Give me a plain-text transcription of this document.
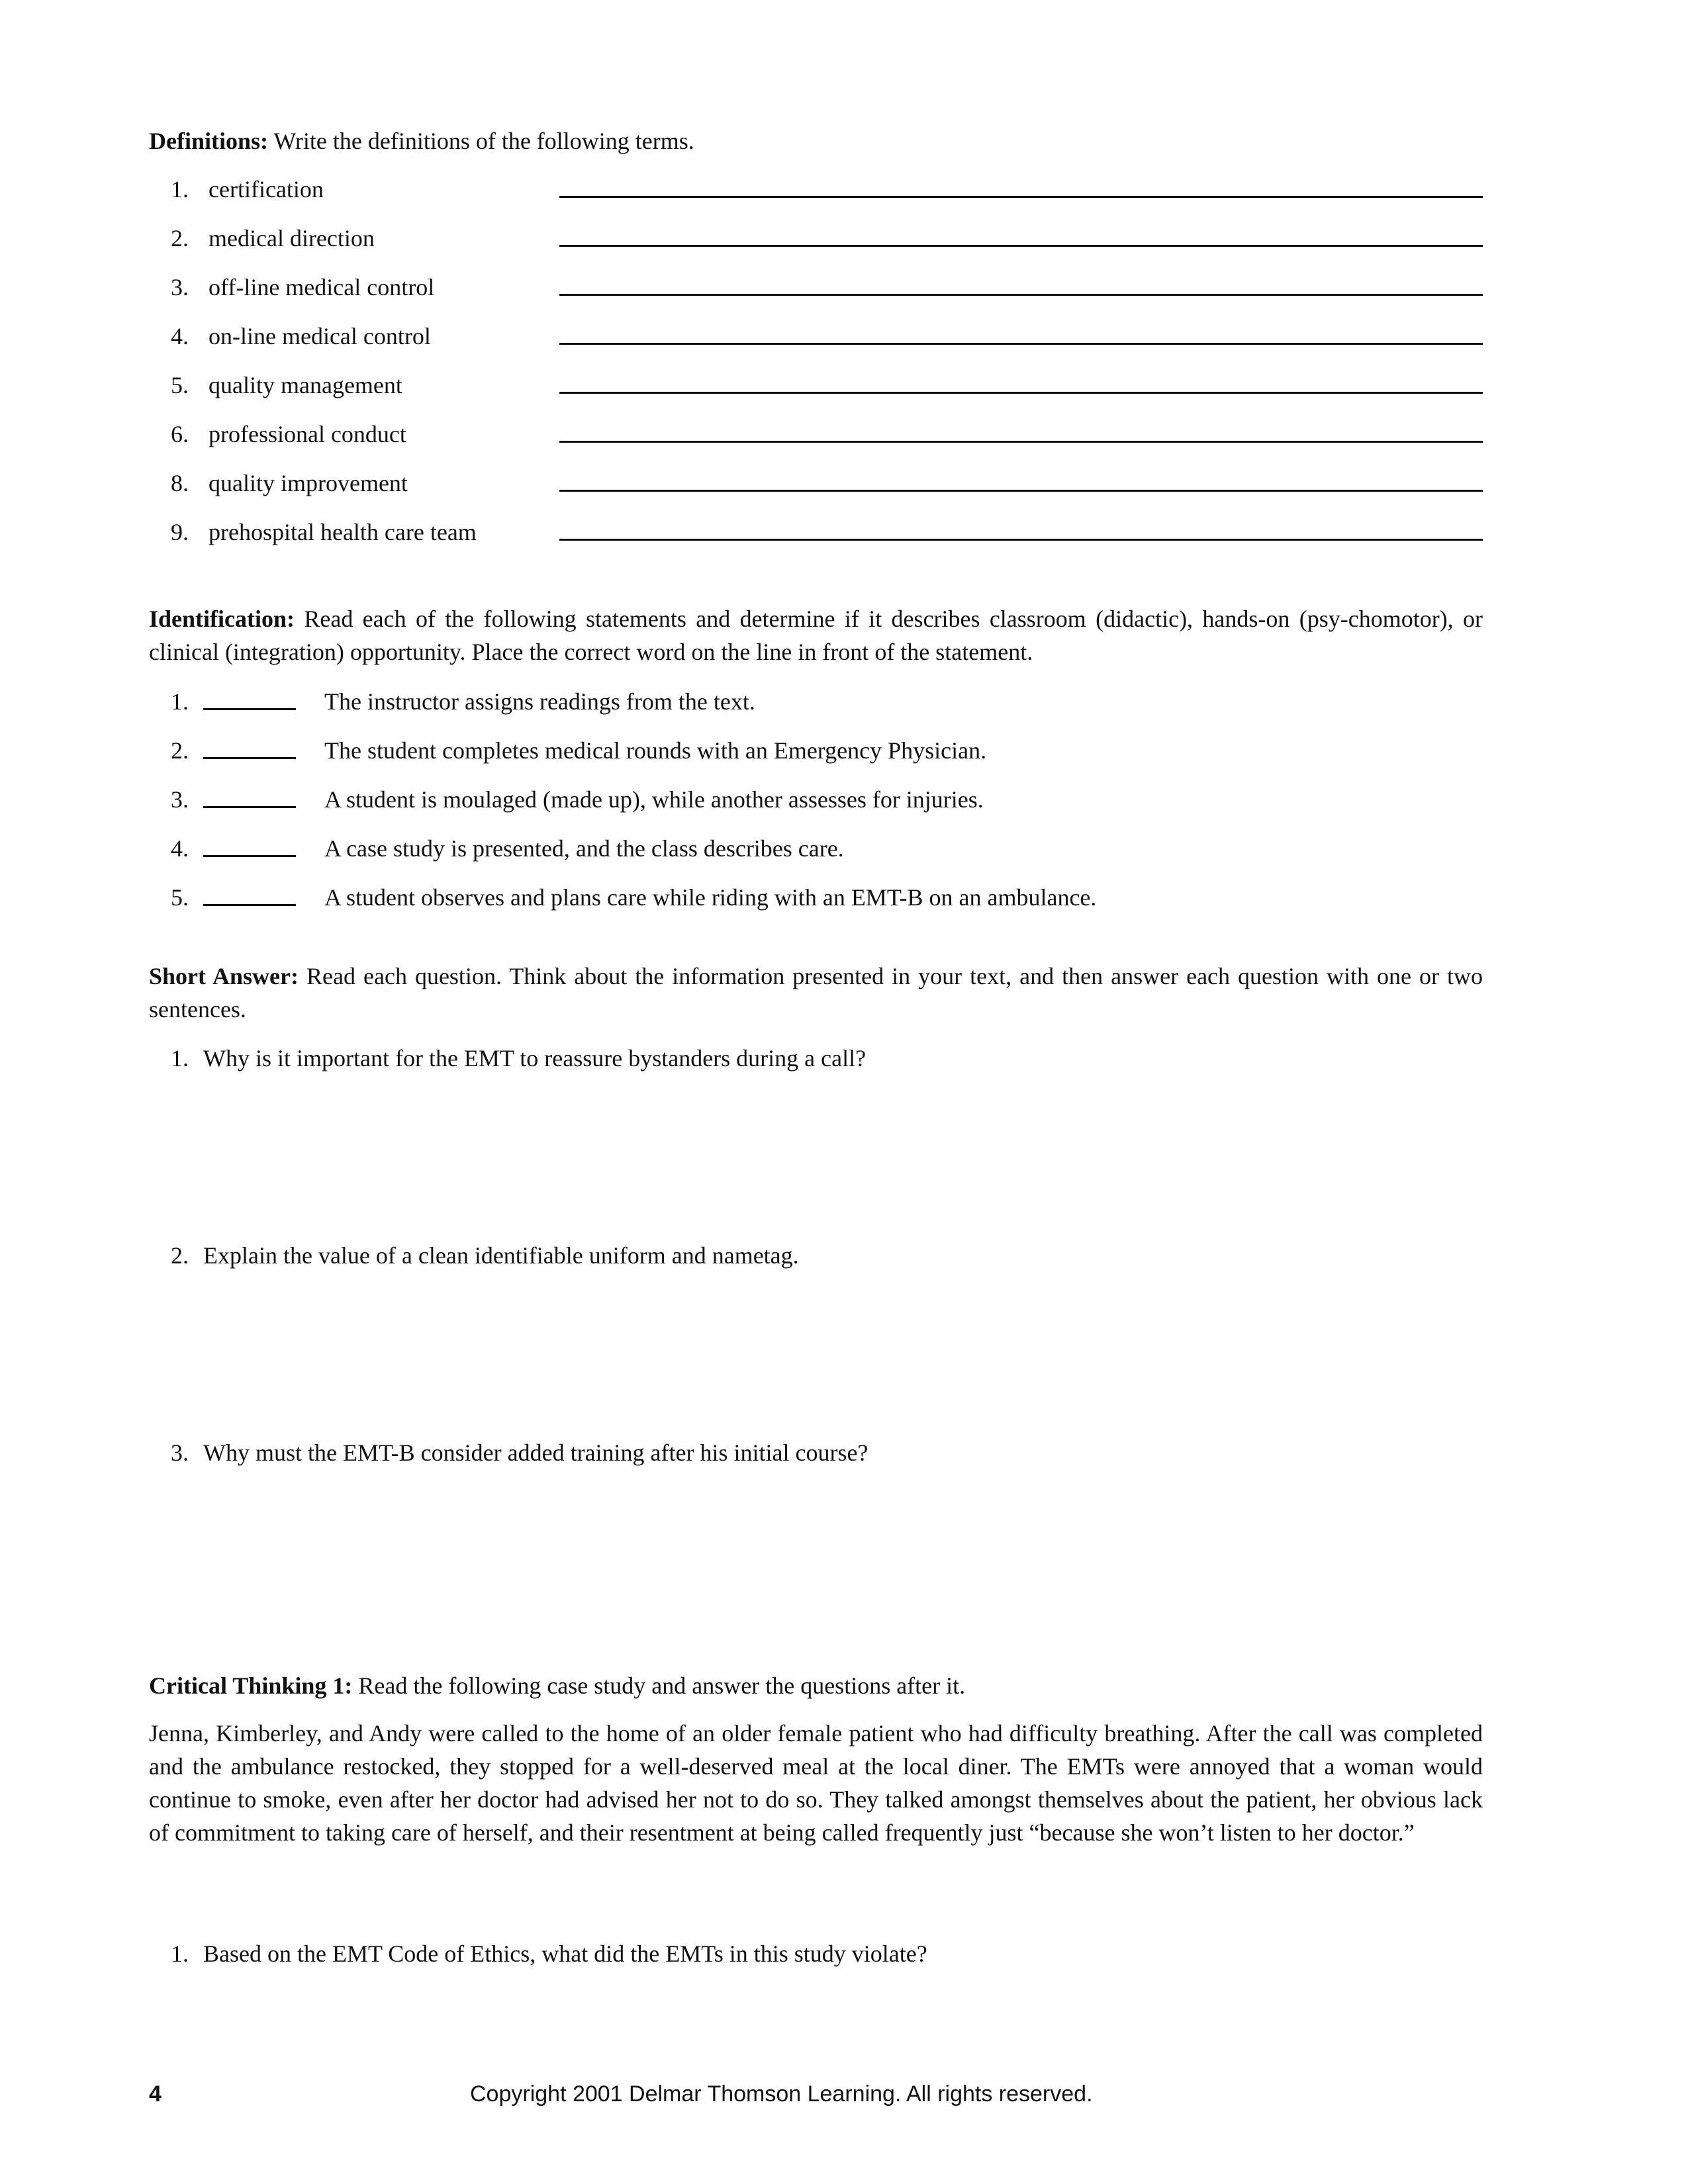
Definitions: Write the definitions of the following terms.
1. certification
2. medical direction
3. off-line medical control
4. on-line medical control
5. quality management
6. professional conduct
8. quality improvement
9. prehospital health care team
Identification: Read each of the following statements and determine if it describes classroom (didactic), hands-on (psy-chomotor), or clinical (integration) opportunity. Place the correct word on the line in front of the statement.
1.	The instructor assigns readings from the text.
2.	The student completes medical rounds with an Emergency Physician.
3.	A student is moulaged (made up), while another assesses for injuries.
4.	A case study is presented, and the class describes care.
5.	A student observes and plans care while riding with an EMT-B on an ambulance.
Short Answer: Read each question. Think about the information presented in your text, and then answer each question with one or two sentences.
1. Why is it important for the EMT to reassure bystanders during a call?
2. Explain the value of a clean identifiable uniform and nametag.
3. Why must the EMT-B consider added training after his initial course?
Critical Thinking 1: Read the following case study and answer the questions after it.
Jenna, Kimberley, and Andy were called to the home of an older female patient who had difficulty breathing. After the call was completed and the ambulance restocked, they stopped for a well-deserved meal at the local diner. The EMTs were annoyed that a woman would continue to smoke, even after her doctor had advised her not to do so. They talked amongst themselves about the patient, her obvious lack of commitment to taking care of herself, and their resentment at being called frequently just “because she won’t listen to her doctor.”
1. Based on the EMT Code of Ethics, what did the EMTs in this study violate?
4	Copyright 2001 Delmar Thomson Learning. All rights reserved.
